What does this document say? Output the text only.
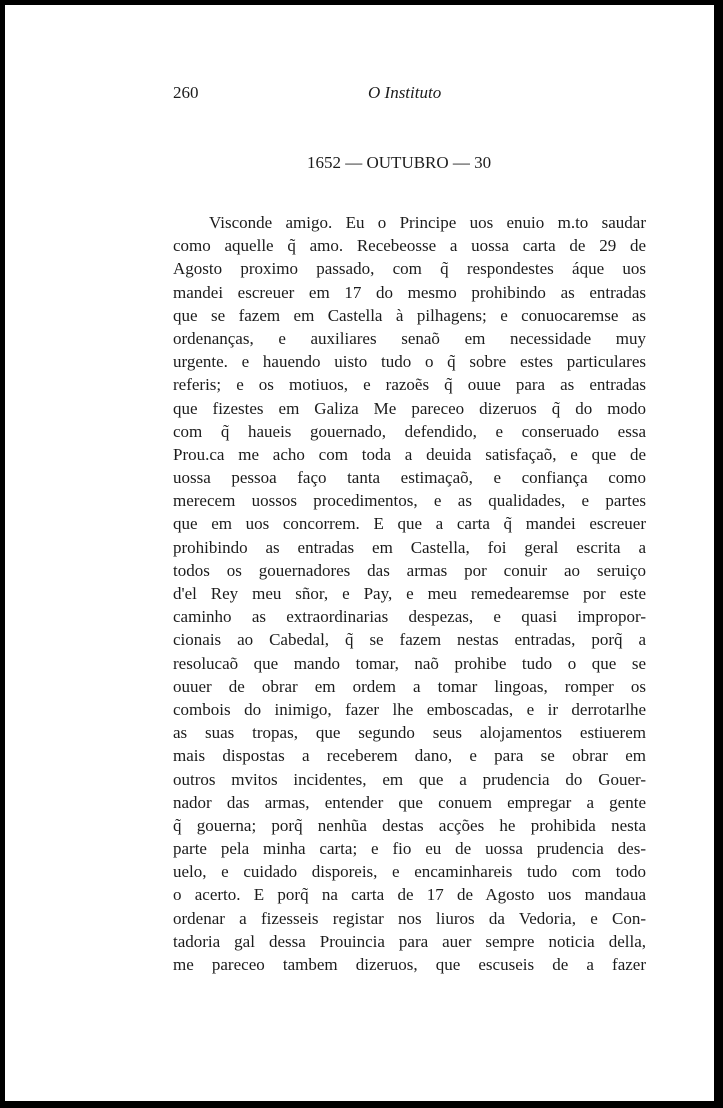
260	O Instituto
1652 — OUTUBRO — 30
Visconde amigo. Eu o Principe uos enuio m.to saudar
como aquelle q̃ amo. Recebeosse a uossa carta de 29 de
Agosto proximo passado, com q̃ respondestes áque uos
mandei escreuer em 17 do mesmo prohibindo as entradas
que se fazem em Castella à pilhagens; e conuocaremse as
ordenanças, e auxiliares senaõ em necessidade muy
urgente. e hauendo uisto tudo o q̃ sobre estes particulares
referis; e os motiuos, e razoẽs q̃ ouue para as entradas
que fizestes em Galiza Me pareceo dizeruos q̃ do modo
com q̃ haueis gouernado, defendido, e conseruado essa
Prou.ca me acho com toda a deuida satisfaçaõ, e que de
uossa pessoa faço tanta estimaçaõ, e confiança como
merecem uossos procedimentos, e as qualidades, e partes
que em uos concorrem. E que a carta q̃ mandei escreuer
prohibindo as entradas em Castella, foi geral escrita a
todos os gouernadores das armas por conuir ao seruiço
d'el Rey meu sñor, e Pay, e meu remedearemse por este
caminho as extraordinarias despezas, e quasi impropor-
cionais ao Cabedal, q̃ se fazem nestas entradas, porq̃ a
resolucaõ que mando tomar, naõ prohibe tudo o que se
ouuer de obrar em ordem a tomar lingoas, romper os
combois do inimigo, fazer lhe emboscadas, e ir derrotarlhe
as suas tropas, que segundo seus alojamentos estiuerem
mais dispostas a receberem dano, e para se obrar em
outros mvitos incidentes, em que a prudencia do Gouer-
nador das armas, entender que conuem empregar a gente
q̃ gouerna; porq̃ nenhũa destas acções he prohibida nesta
parte pela minha carta; e fio eu de uossa prudencia des-
uelo, e cuidado disporeis, e encaminhareis tudo com todo
o acerto. E porq̃ na carta de 17 de Agosto uos mandaua
ordenar a fizesseis registar nos liuros da Vedoria, e Con-
tadoria gal dessa Prouincia para auer sempre noticia della,
me pareceo tambem dizeruos, que escuseis de a fazer
